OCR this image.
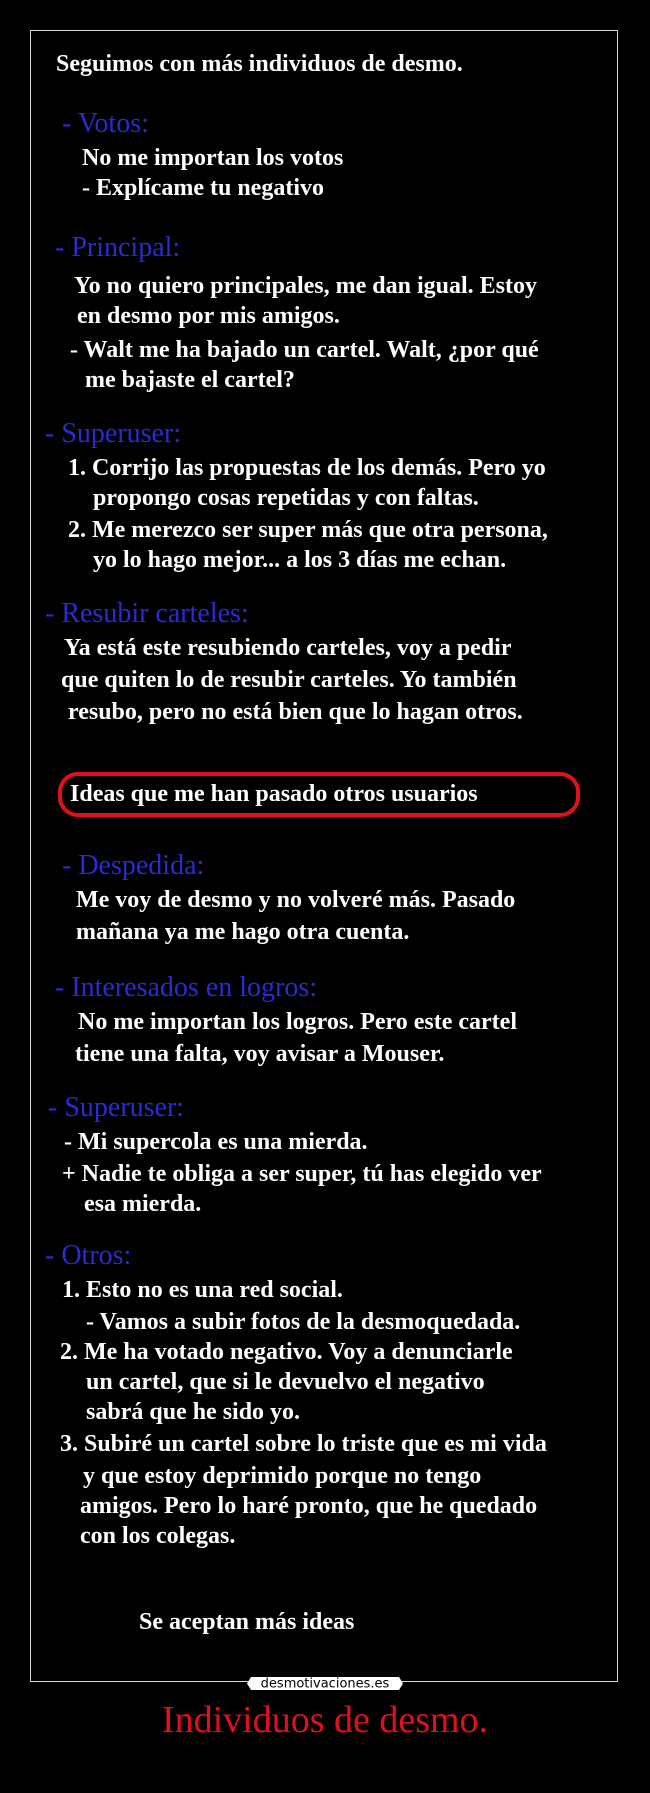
Seguimos con más individuos de desmo.
- Votos:
No me importan los votos
- Explícame tu negativo
- Principal:
Yo no quiero principales, me dan igual. Estoy
en desmo por mis amigos.
- Walt me ha bajado un cartel. Walt, ¿por qué
me bajaste el cartel?
- Superuser:
1. Corrijo las propuestas de los demás. Pero yo
propongo cosas repetidas y con faltas.
2. Me merezco ser super más que otra persona,
yo lo hago mejor... a los 3 días me echan.
- Resubir carteles:
Ya está este resubiendo carteles, voy a pedir
que quiten lo de resubir carteles. Yo también
resubo, pero no está bien que lo hagan otros.
Ideas que me han pasado otros usuarios
- Despedida:
Me voy de desmo y no volveré más. Pasado
mañana ya me hago otra cuenta.
- Interesados en logros:
No me importan los logros. Pero este cartel
tiene una falta, voy avisar a Mouser.
- Superuser:
- Mi supercola es una mierda.
+ Nadie te obliga a ser super, tú has elegido ver
esa mierda.
- Otros:
1. Esto no es una red social.
- Vamos a subir fotos de la desmoquedada.
2. Me ha votado negativo. Voy a denunciarle
un cartel, que si le devuelvo el negativo
sabrá que he sido yo.
3. Subiré un cartel sobre lo triste que es mi vida
y que estoy deprimido porque no tengo
amigos. Pero lo haré pronto, que he quedado
con los colegas.
Se aceptan más ideas
desmotivaciones.es
Individuos de desmo.
